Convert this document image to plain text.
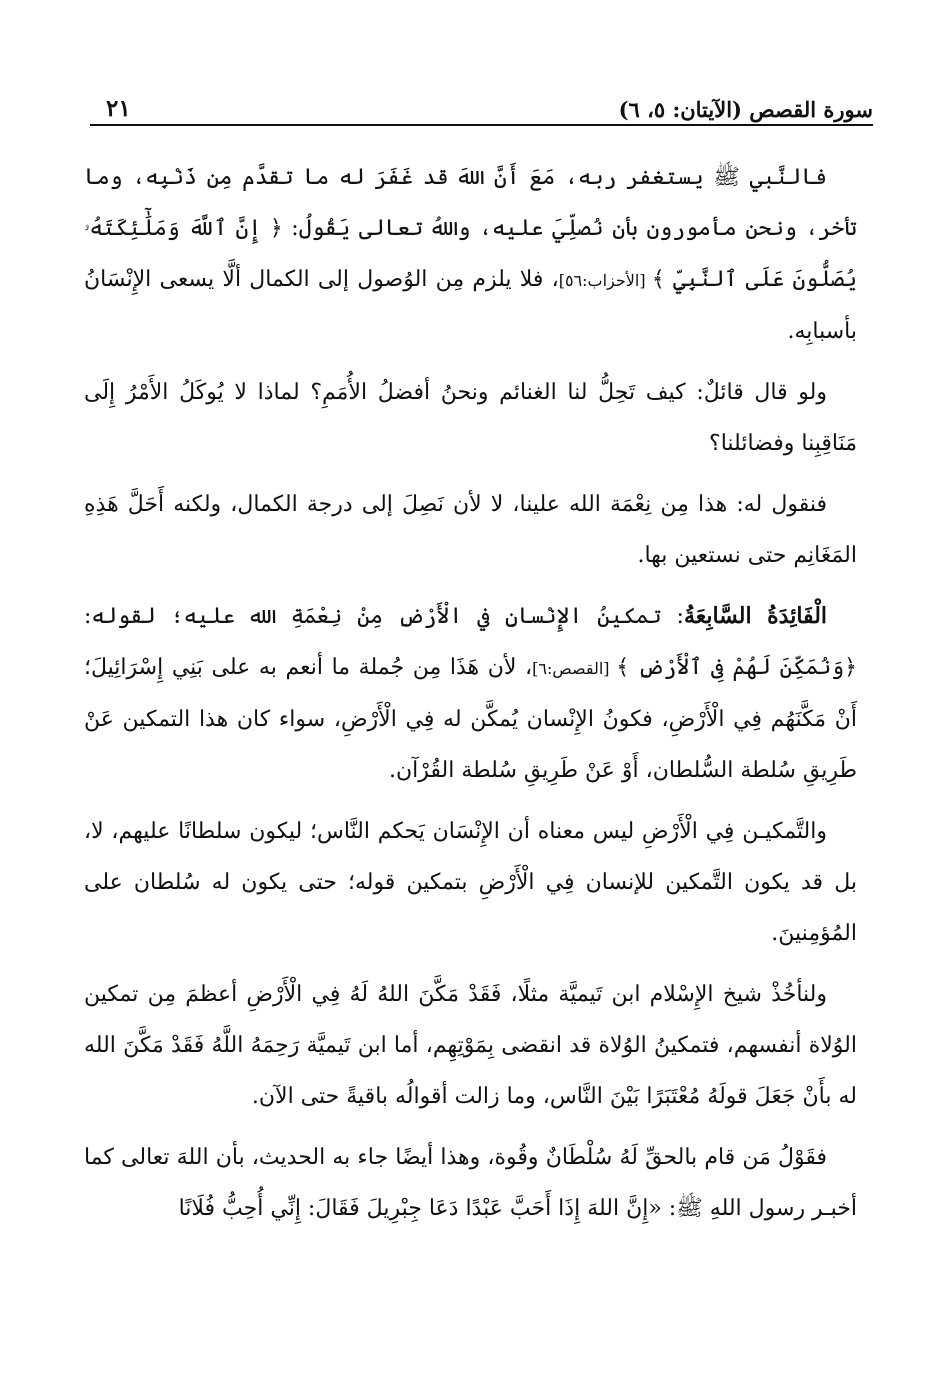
سورة القصص (الآيتان: ٥، ٦)
٢١

فالنَّبي ﷺ يستغفر ربه، مَعَ أَنَّ اللهَ قد غَفَرَ له ما تقدَّم مِن ذَنْبِه، وما تأخر، ونحن مأمورون بأن نُصلِّيَ عليه، واللهُ تعالى يَقُولُ: ﴿ إِنَّ ٱللَّهَ وَمَلَٰٓئِكَتَهُۥ يُصَلُّونَ عَلَى ٱلنَّبِيِّ ﴾ [الأحزاب:٥٦]، فلا يلزم مِن الوُصول إلى الكمال ألَّا يسعى الإِنْسَانُ بأسبابِه.

ولو قال قائلٌ: كيف تَحِلُّ لنا الغنائم ونحنُ أفضلُ الأُمَمِ؟ لماذا لا يُوكَلُ الأَمْرُ إِلَى مَنَاقِبِنا وفضائلنا؟

فنقول له: هذا مِن نِعْمَة الله علينا، لا لأن نَصِلَ إلى درجة الكمال، ولكنه أَحَلَّ هَذِهِ المَغَانِم حتى نستعين بها.

الْفَائِدَةُ السَّابِعَةُ: تمكينُ الإِنْسانِ في الْأَرْضِ مِنْ نِعْمَةِ الله عليه؛ لقوله: ﴿وَنُمَكِّنَ لَهُمْ فِى ٱلْأَرْضِ ﴾ [القصص:٦]، لأن هَذَا مِن جُملة ما أنعم به على بَنِي إِسْرَائِيلَ؛ أَنْ مَكَّنَهُم فِي الْأَرْضِ، فكونُ الإِنْسان يُمكَّن له فِي الْأَرْضِ، سواء كان هذا التمكين عَنْ طَرِيقِ سُلطة السُّلطان، أَوْ عَنْ طَرِيقِ سُلطة القُرْآن.

والتَّمكيـن فِي الْأَرْضِ ليس معناه أن الإِنْسَان يَحكم النَّاس؛ ليكون سلطانًا عليهم، لا، بل قد يكون التَّمكين للإنسان فِي الْأَرْضِ بتمكين قوله؛ حتى يكون له سُلطان على المُؤمِنينَ.

ولنأخُذْ شيخ الإِسْلام ابن تَيميَّة مثلًا، فَقَدْ مَكَّنَ اللهُ لَهُ فِي الْأَرْضِ أعظمَ مِن تمكين الوُلاة أنفسهم، فتمكينُ الوُلاة قد انقضى بِمَوْتِهِم، أما ابن تَيميَّة رَحِمَهُ اللَّهُ فَقَدْ مَكَّنَ الله له بأَنْ جَعَلَ قولَهُ مُعْتَبَرًا بَيْنَ النَّاس، وما زالت أقوالُه باقيةً حتى الآن.

فقَوْلُ مَن قام بالحقِّ لَهُ سُلْطَانٌ وقُوة، وهذا أيضًا جاء به الحديث، بأن اللهَ تعالى كما أخبـر رسول اللهِ ﷺ: «إِنَّ اللهَ إِذَا أَحَبَّ عَبْدًا دَعَا جِبْرِيلَ فَقَالَ: إِنِّي أُحِبُّ فُلَانًا
